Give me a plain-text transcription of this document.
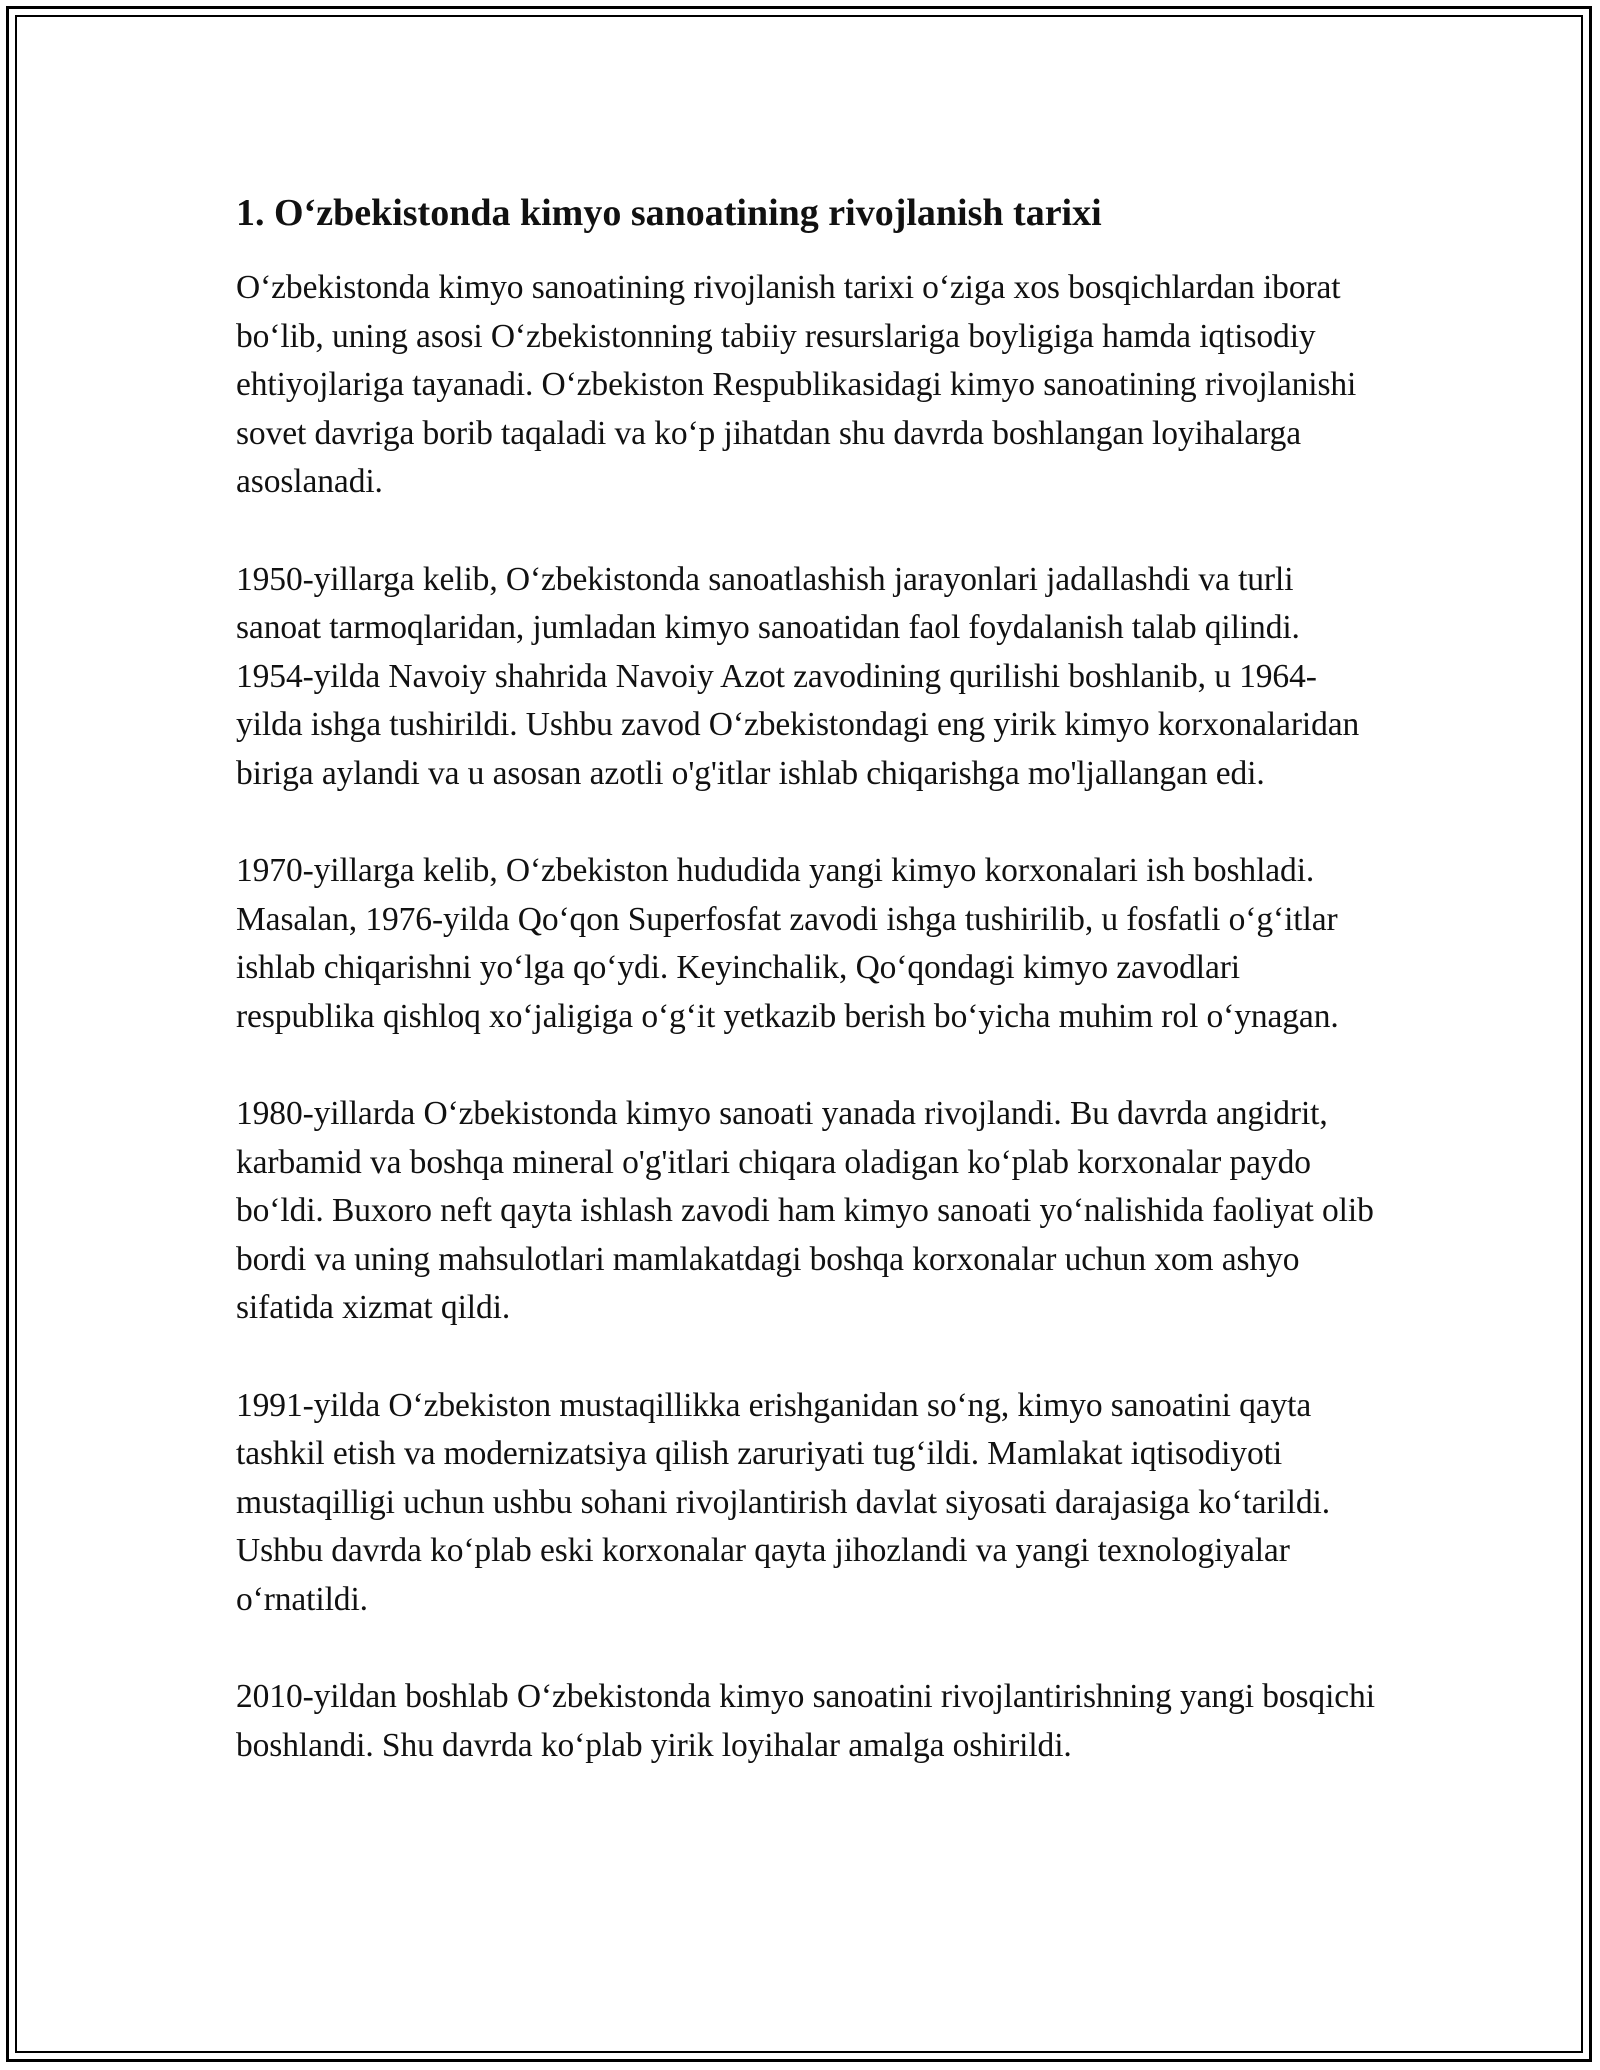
1. O‘zbekistonda kimyo sanoatining rivojlanish tarixi

O‘zbekistonda kimyo sanoatining rivojlanish tarixi o‘ziga xos bosqichlardan iborat bo‘lib, uning asosi O‘zbekistonning tabiiy resurslariga boyligiga hamda iqtisodiy ehtiyojlariga tayanadi. O‘zbekiston Respublikasidagi kimyo sanoatining rivojlanishi sovet davriga borib taqaladi va ko‘p jihatdan shu davrda boshlangan loyihalarga asoslanadi.

1950-yillarga kelib, O‘zbekistonda sanoatlashish jarayonlari jadallashdi va turli sanoat tarmoqlaridan, jumladan kimyo sanoatidan faol foydalanish talab qilindi. 1954-yilda Navoiy shahrida Navoiy Azot zavodining qurilishi boshlanib, u 1964-yilda ishga tushirildi. Ushbu zavod O‘zbekistondagi eng yirik kimyo korxonalaridan biriga aylandi va u asosan azotli o'g'itlar ishlab chiqarishga mo'ljallangan edi.

1970-yillarga kelib, O‘zbekiston hududida yangi kimyo korxonalari ish boshladi. Masalan, 1976-yilda Qo‘qon Superfosfat zavodi ishga tushirilib, u fosfatli o‘g‘itlar ishlab chiqarishni yo‘lga qo‘ydi. Keyinchalik, Qo‘qondagi kimyo zavodlari respublika qishloq xo‘jaligiga o‘g‘it yetkazib berish bo‘yicha muhim rol o‘ynagan.

1980-yillarda O‘zbekistonda kimyo sanoati yanada rivojlandi. Bu davrda angidrit, karbamid va boshqa mineral o'g'itlari chiqara oladigan ko‘plab korxonalar paydo bo‘ldi. Buxoro neft qayta ishlash zavodi ham kimyo sanoati yo‘nalishida faoliyat olib bordi va uning mahsulotlari mamlakatdagi boshqa korxonalar uchun xom ashyo sifatida xizmat qildi.

1991-yilda O‘zbekiston mustaqillikka erishganidan so‘ng, kimyo sanoatini qayta tashkil etish va modernizatsiya qilish zaruriyati tug‘ildi. Mamlakat iqtisodiyoti mustaqilligi uchun ushbu sohani rivojlantirish davlat siyosati darajasiga ko‘tarildi. Ushbu davrda ko‘plab eski korxonalar qayta jihozlandi va yangi texnologiyalar o‘rnatildi.

2010-yildan boshlab O‘zbekistonda kimyo sanoatini rivojlantirishning yangi bosqichi boshlandi. Shu davrda ko‘plab yirik loyihalar amalga oshirildi.
